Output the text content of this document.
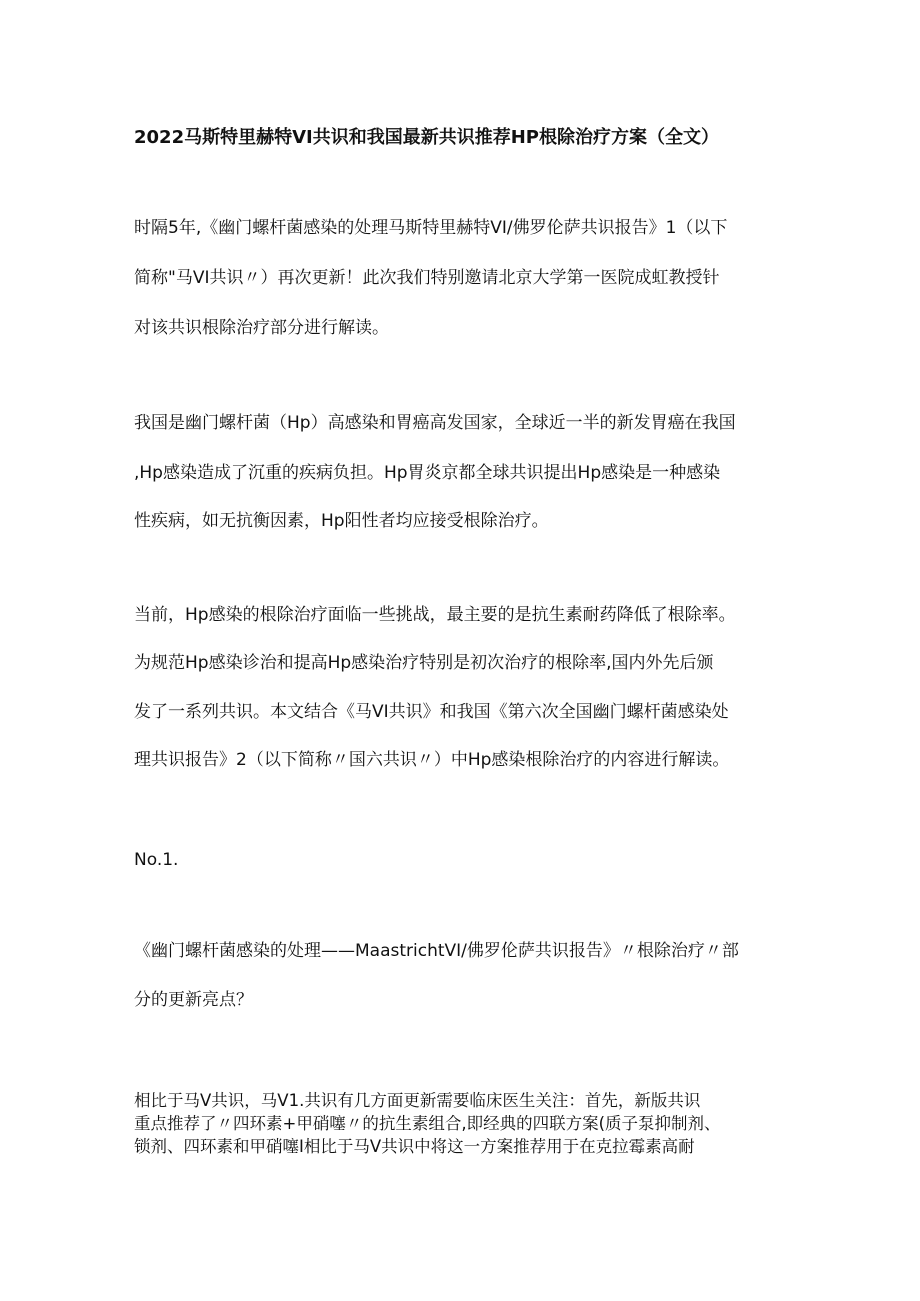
2022马斯特里赫特VI共识和我国最新共识推荐HP根除治疗方案（全文）
时隔5年,《幽门螺杆菌感染的处理马斯特里赫特VI/佛罗伦萨共识报告》1（以下
简称"马VI共识〃）再次更新！此次我们特别邀请北京大学第一医院成虹教授针
对该共识根除治疗部分进行解读。
我国是幽门螺杆菌（Hp）高感染和胃癌高发国家，全球近一半的新发胃癌在我国
,Hp感染造成了沉重的疾病负担。Hp胃炎京都全球共识提出Hp感染是一种感染
性疾病，如无抗衡因素，Hp阳性者均应接受根除治疗。
当前，Hp感染的根除治疗面临一些挑战，最主要的是抗生素耐药降低了根除率。
为规范Hp感染诊治和提高Hp感染治疗特别是初次治疗的根除率,国内外先后颁
发了一系列共识。本文结合《马VI共识》和我国《第六次全国幽门螺杆菌感染处
理共识报告》2（以下简称〃国六共识〃）中Hp感染根除治疗的内容进行解读。
No.1.
《幽门螺杆菌感染的处理——MaastrichtVI/佛罗伦萨共识报告》〃根除治疗〃部
分的更新亮点？
相比于马V共识，马V1.共识有几方面更新需要临床医生关注：首先，新版共识
重点推荐了〃四环素+甲硝噻〃的抗生素组合,即经典的四联方案(质子泵抑制剂、
锁剂、四环素和甲硝噻I相比于马V共识中将这一方案推荐用于在克拉霉素高耐
